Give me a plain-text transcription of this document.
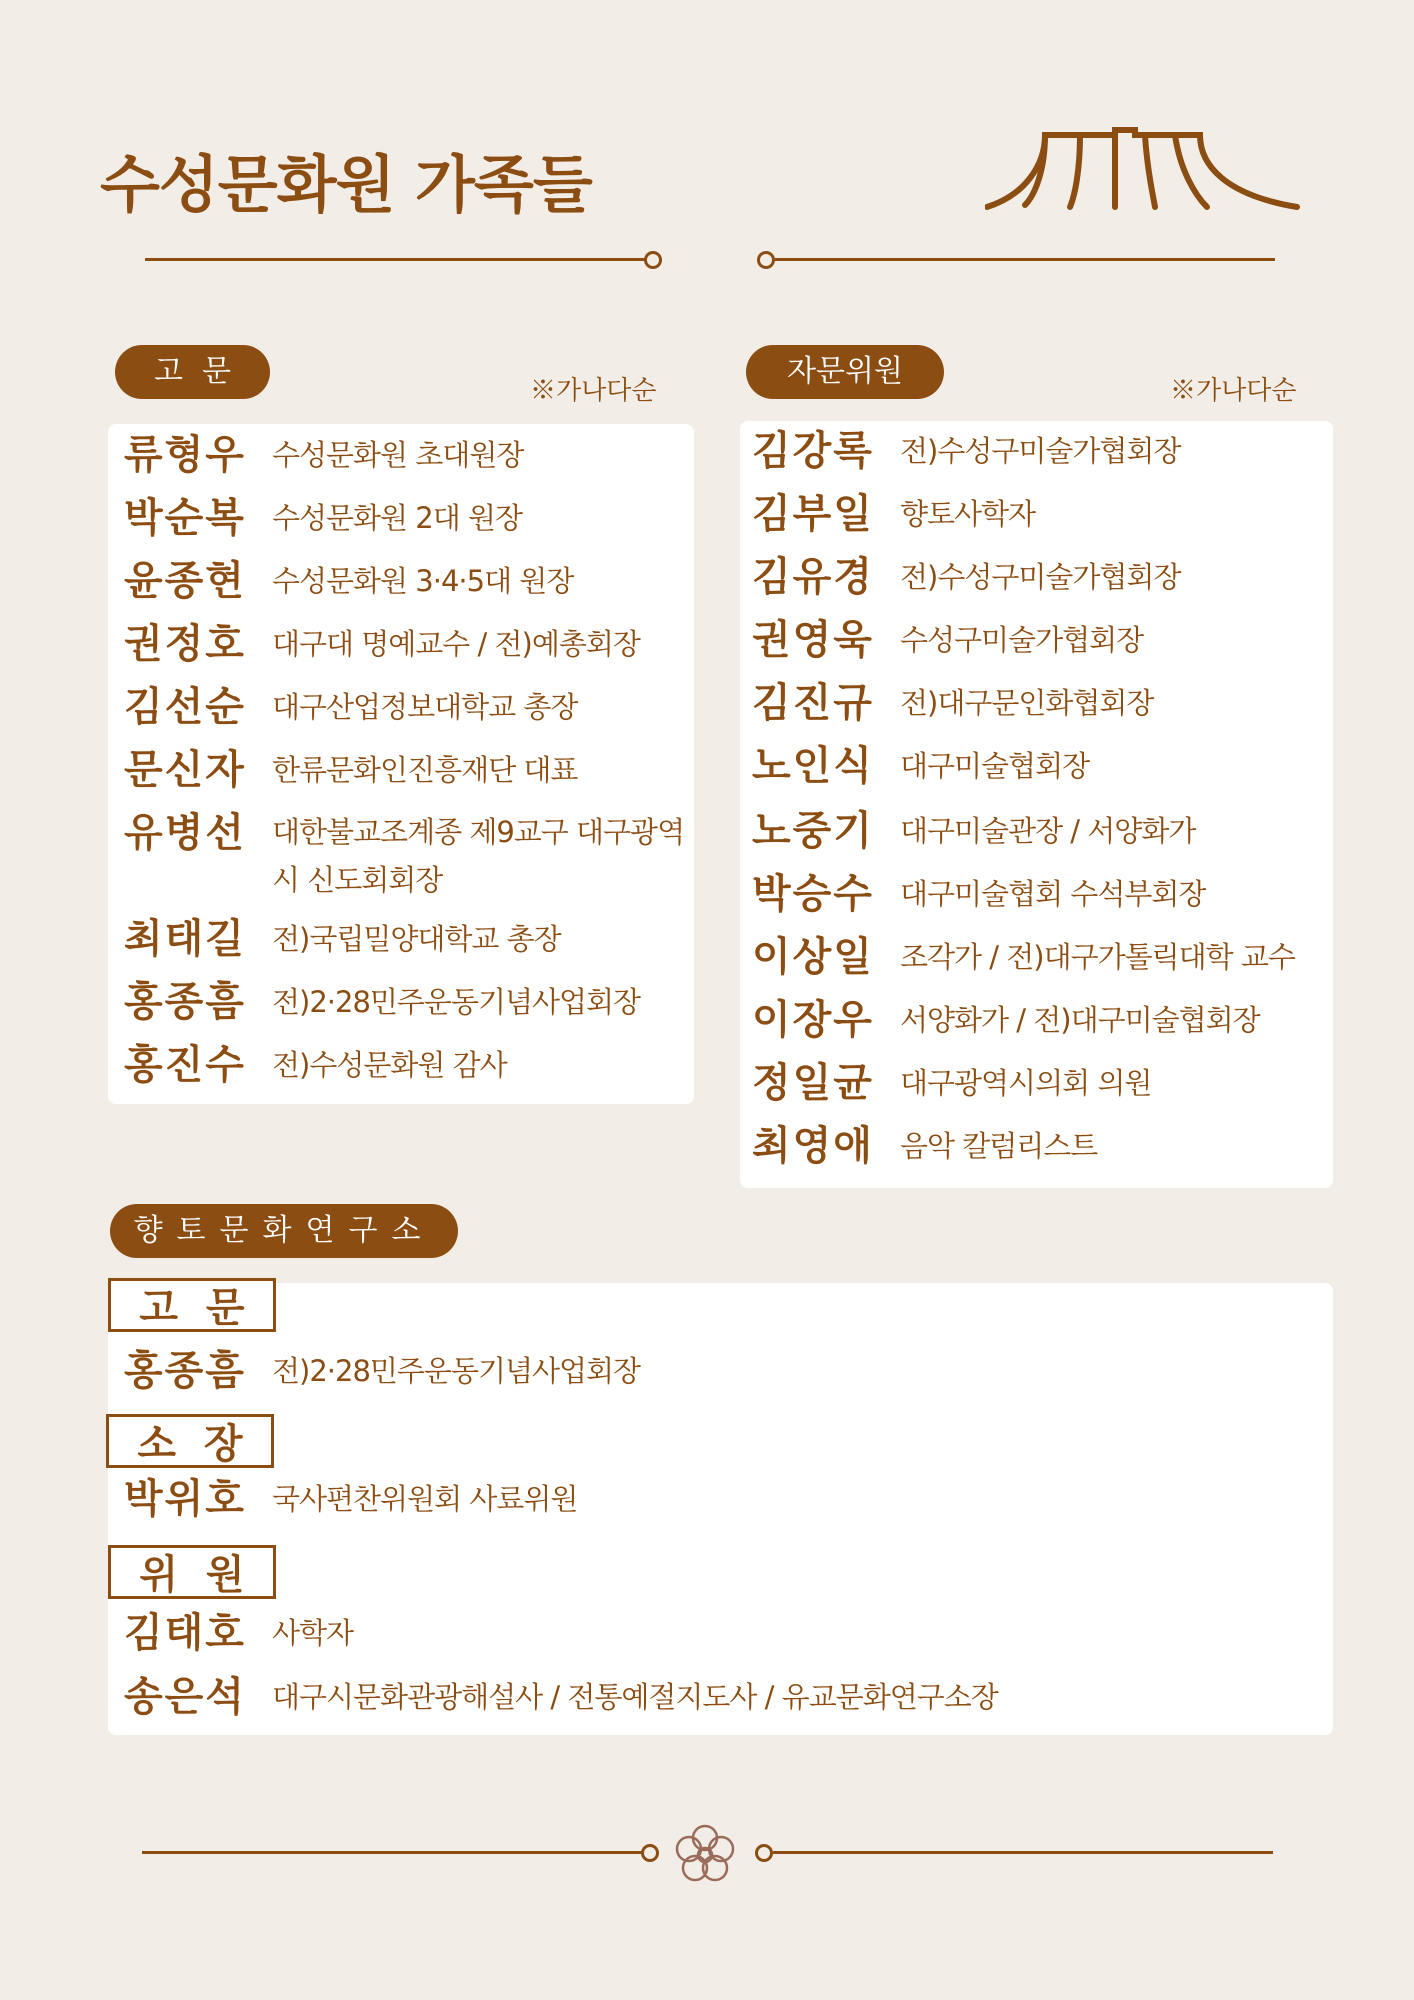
수성문화원 가족들
고  문
※가나다순
류형우 수성문화원 초대원장
박순복 수성문화원 2대 원장
윤종현 수성문화원 3·4·5대 원장
권정호 대구대 명예교수 / 전)예총회장
김선순 대구산업정보대학교 총장
문신자 한류문화인진흥재단 대표
유병선 대한불교조계종 제9교구 대구광역시 신도회회장
최태길 전)국립밀양대학교 총장
홍종흠 전)2·28민주운동기념사업회장
홍진수 전)수성문화원 감사
자문위원
※가나다순
김강록 전)수성구미술가협회장
김부일 향토사학자
김유경 전)수성구미술가협회장
권영욱 수성구미술가협회장
김진규 전)대구문인화협회장
노인식 대구미술협회장
노중기 대구미술관장 / 서양화가
박승수 대구미술협회 수석부회장
이상일 조각가 / 전)대구가톨릭대학 교수
이장우 서양화가 / 전)대구미술협회장
정일균 대구광역시의회 의원
최영애 음악 칼럼리스트
향토문화연구소
고  문
홍종흠 전)2·28민주운동기념사업회장
소  장
박위호 국사편찬위원회 사료위원
위  원
김태호 사학자
송은석 대구시문화관광해설사 / 전통예절지도사 / 유교문화연구소장
